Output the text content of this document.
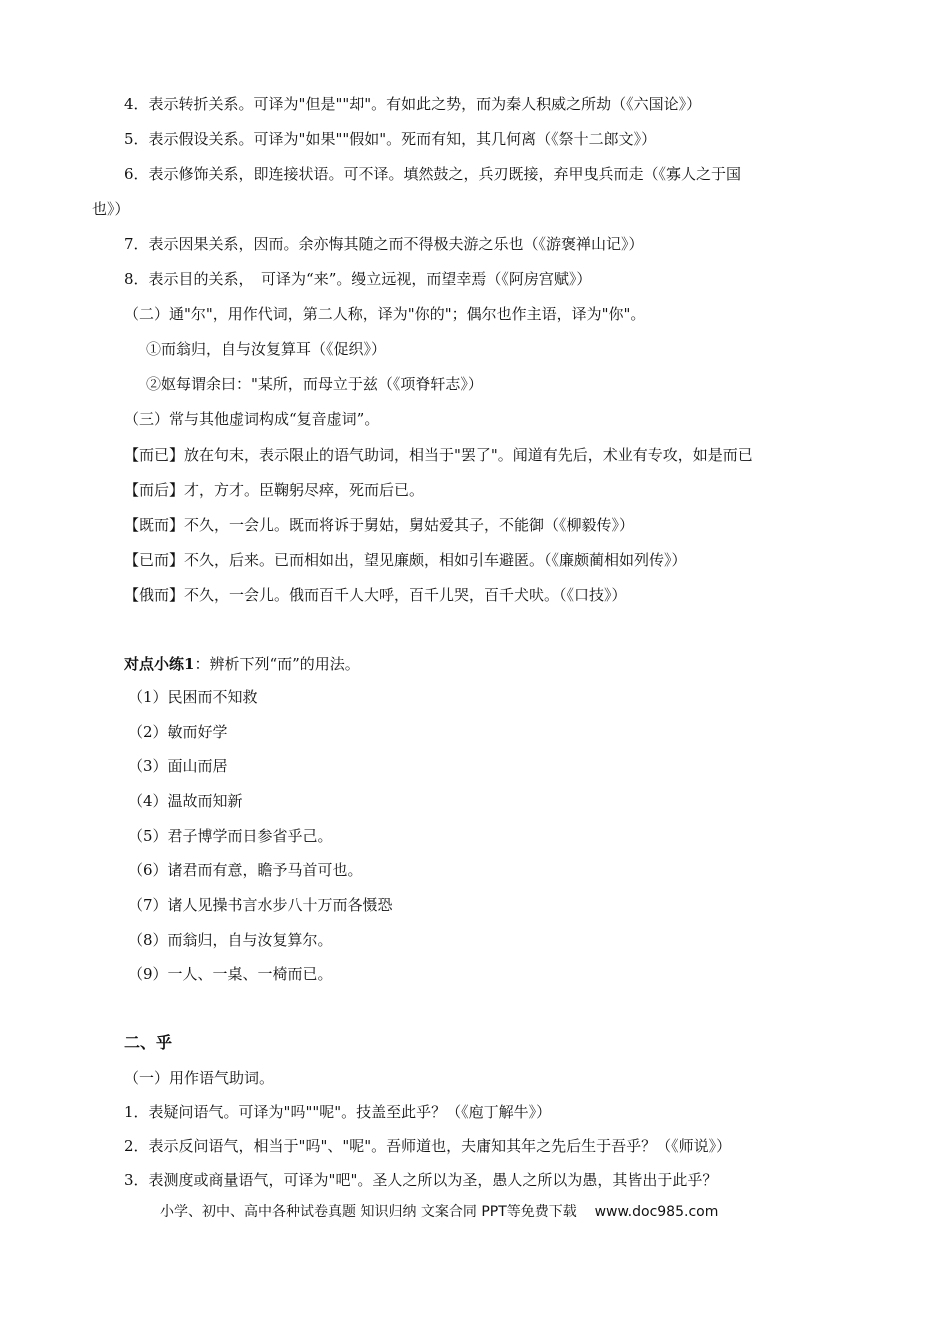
4．表示转折关系。可译为"但是""却"。有如此之势，而为秦人积威之所劫（《六国论》）
5．表示假设关系。可译为"如果""假如"。死而有知，其几何离（《祭十二郎文》）
6．表示修饰关系，即连接状语。可不译。填然鼓之，兵刃既接，弃甲曳兵而走（《寡人之于国
也》）
7．表示因果关系，因而。余亦悔其随之而不得极夫游之乐也（《游褒禅山记》）
8．表示目的关系，　可译为“来”。缦立远视，而望幸焉（《阿房宫赋》）
（二）通"尔"，用作代词，第二人称，译为"你的"；偶尔也作主语，译为"你"。
①而翁归，自与汝复算耳（《促织》）
②妪每谓余曰："某所，而母立于兹（《项脊轩志》）
（三）常与其他虚词构成“复音虚词”。
【而已】放在句末，表示限止的语气助词，相当于"罢了"。闻道有先后，术业有专攻，如是而已
【而后】才，方才。臣鞠躬尽瘁，死而后已。
【既而】不久，一会儿。既而将诉于舅姑，舅姑爱其子，不能御（《柳毅传》）
【已而】不久，后来。已而相如出，望见廉颇，相如引车避匿。（《廉颇蔺相如列传》）
【俄而】不久，一会儿。俄而百千人大呼，百千儿哭，百千犬吠。（《口技》）
对点小练1：辨析下列“而”的用法。
（1）民困而不知救
（2）敏而好学
（3）面山而居
（4）温故而知新
（5）君子博学而日参省乎己。
（6）诸君而有意，瞻予马首可也。
（7）诸人见操书言水步八十万而各慑恐
（8）而翁归，自与汝复算尔。
（9）一人、一桌、一椅而已。
二、乎
（一）用作语气助词。
1．表疑问语气。可译为"吗""呢"。技盖至此乎？（《庖丁解牛》）
2．表示反问语气，相当于"吗"、"呢"。吾师道也，夫庸知其年之先后生于吾乎？（《师说》）
3．表测度或商量语气，可译为"吧"。圣人之所以为圣，愚人之所以为愚，其皆出于此乎？
小学、初中、高中各种试卷真题 知识归纳 文案合同 PPT等免费下载 www.doc985.com
